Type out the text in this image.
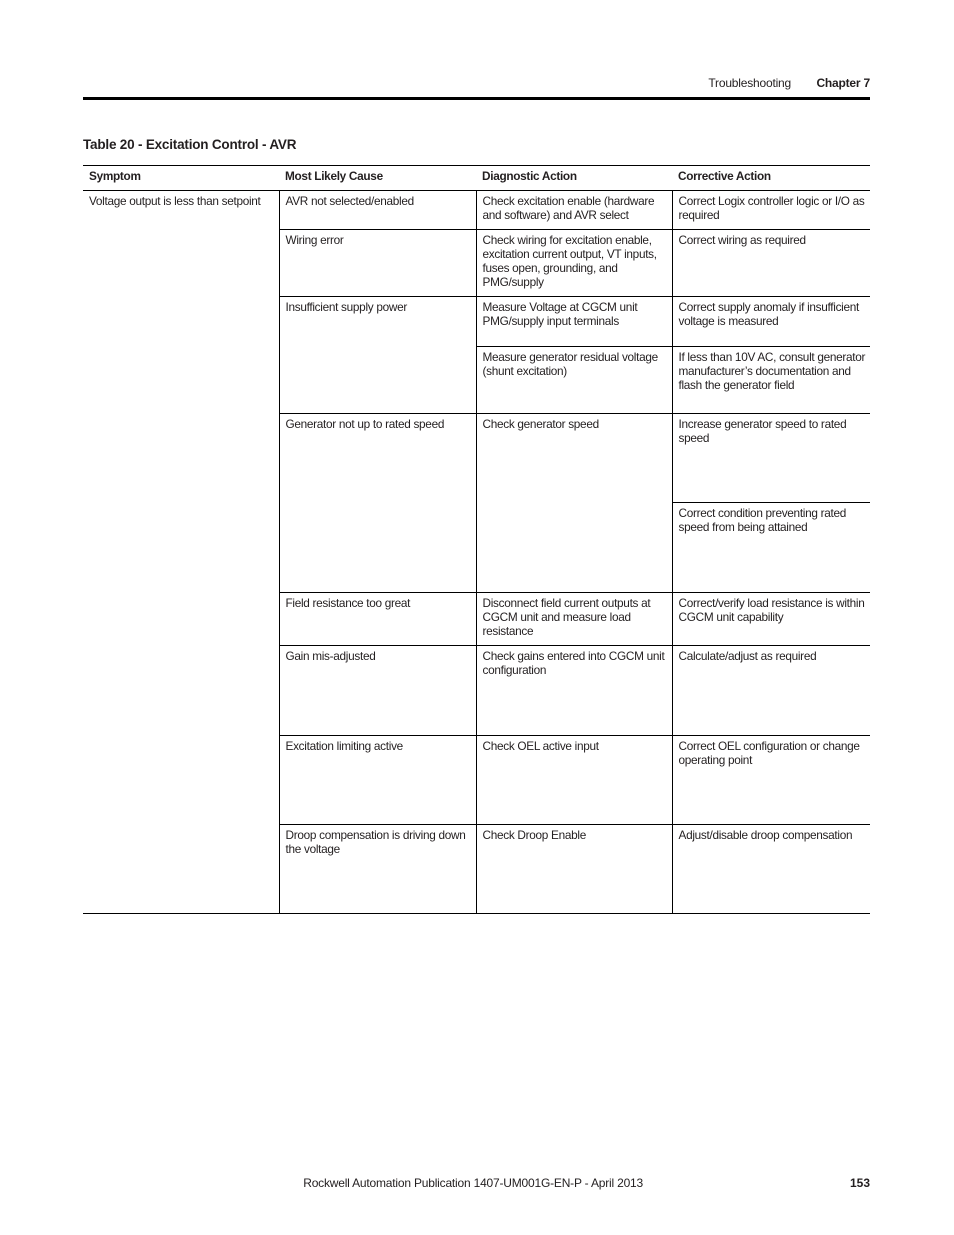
Troubleshooting Chapter 7
Table 20 - Excitation Control - AVR
Symptom	Most Likely Cause	Diagnostic Action	Corrective Action
Voltage output is less than setpoint	AVR not selected/enabled	Check excitation enable (hardware and software) and AVR select	Correct Logix controller logic or I/O as required
	Wiring error	Check wiring for excitation enable, excitation current output, VT inputs, fuses open, grounding, and PMG/supply	Correct wiring as required
	Insufficient supply power	Measure Voltage at CGCM unit PMG/supply input terminals	Correct supply anomaly if insufficient voltage is measured
		Measure generator residual voltage (shunt excitation)	If less than 10V AC, consult generator manufacturer’s documentation and flash the generator field
	Generator not up to rated speed	Check generator speed	Increase generator speed to rated speed
			Correct condition preventing rated speed from being attained
	Field resistance too great	Disconnect field current outputs at CGCM unit and measure load resistance	Correct/verify load resistance is within CGCM unit capability
	Gain mis-adjusted	Check gains entered into CGCM unit configuration	Calculate/adjust as required
	Excitation limiting active	Check OEL active input	Correct OEL configuration or change operating point
	Droop compensation is driving down the voltage	Check Droop Enable	Adjust/disable droop compensation
Rockwell Automation Publication 1407-UM001G-EN-P - April 2013	153
